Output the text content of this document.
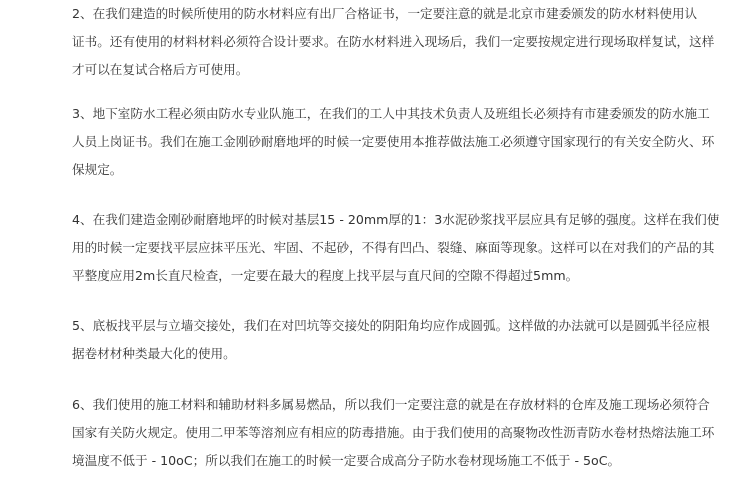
2、在我们建造的时候所使用的防水材料应有出厂合格证书，一定要注意的就是北京市建委颁发的防水材料使用认
证书。还有使用的材料材料必须符合设计要求。在防水材料进入现场后，我们一定要按规定进行现场取样复试，这样
才可以在复试合格后方可使用。

3、地下室防水工程必须由防水专业队施工，在我们的工人中其技术负责人及班组长必须持有市建委颁发的防水施工
人员上岗证书。我们在施工金刚砂耐磨地坪的时候一定要使用本推荐做法施工必须遵守国家现行的有关安全防火、环
保规定。

4、在我们建造金刚砂耐磨地坪的时候对基层15 - 20mm厚的1：3水泥砂浆找平层应具有足够的强度。这样在我们使
用的时候一定要找平层应抹平压光、牢固、不起砂，不得有凹凸、裂缝、麻面等现象。这样可以在对我们的产品的其
平整度应用2m长直尺检查，一定要在最大的程度上找平层与直尺间的空隙不得超过5mm。

5、底板找平层与立墙交接处，我们在对凹坑等交接处的阴阳角均应作成圆弧。这样做的办法就可以是圆弧半径应根
据卷材材种类最大化的使用。

6、我们使用的施工材料和辅助材料多属易燃品，所以我们一定要注意的就是在存放材料的仓库及施工现场必须符合
国家有关防火规定。使用二甲苯等溶剂应有相应的防毒措施。由于我们使用的高聚物改性沥青防水卷材热熔法施工环
境温度不低于 - 10oC；所以我们在施工的时候一定要合成高分子防水卷材现场施工不低于 - 5oC。
